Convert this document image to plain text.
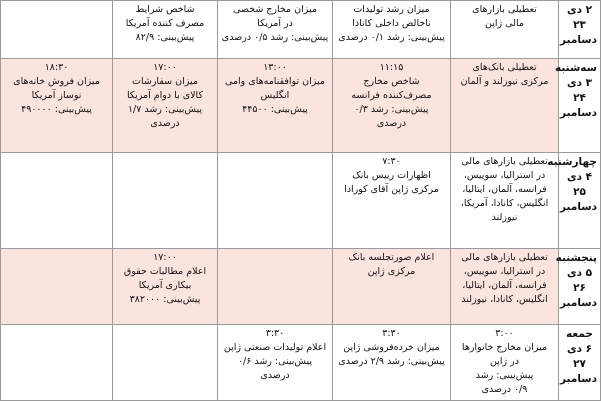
۲ دی
۲۳
دسامبر	تعطیلی بازارهای
مالی ژاپن	میزان رشد تولیدات
ناخالص داخلی کانادا
پیش‌بینی: رشد ۰/۱ درصدی	میزان مخارج شخصی
در آمریکا
پیش‌بینی: رشد ۰/۵ درصدی	شاخص شرایط
مصرف کننده آمریکا
پیش‌بینی: ۸۲/۹	

سه‌شنبه
۳ دی
۲۴
دسامبر	تعطیلی بانک‌های
مرکزی نیوزلند و آلمان	۱۱:۱۵
شاخص مخارج
مصرف‌کننده فرانسه
پیش‌بینی: رشد ۰/۳
درصدی	۱۳:۰۰
میزان توافقنامه‌های وامی
انگلیس
پیش‌بینی: ۴۴۵۰۰	۱۷:۰۰
میزان سفارشات
کالای با دوام آمریکا
پیش‌بینی: رشد ۱/۷
درصدی	۱۸:۳۰
میزان فروش خانه‌های
نوساز آمریکا
پیش‌بینی: ۴۹۰۰۰۰

چهارشنبه
۴ دی
۲۵
دسامبر	تعطیلی بازارهای مالی
در استرالیا، سوییس،
فرانسه، آلمان، ایتالیا،
انگلیس، کانادا، آمریکا،
نیوزلند	۷:۳۰
اظهارات رییس بانک
مرکزی ژاپن آقای کورادا			

پنجشنبه
۵ دی
۲۶
دسامبر	تعطیلی بازارهای مالی
در استرالیا، سوییس،
فرانسه، آلمان، ایتالیا،
انگلیس، کانادا، نیوزلند	اعلام صورتجلسه بانک
مرکزی ژاپن		۱۷:۰۰
اعلام مطالبات حقوق
بیکاری آمریکا
پیش‌بینی: ۳۸۲۰۰۰	

جمعه
۶ دی
۲۷
دسامبر	۳:۰۰
میزان مخارج خانوارها
در ژاپن
پیش‌بینی: رشد
۰/۹ درصدی	۳:۳۰
میزان خرده‌فروشی ژاپن
پیش‌بینی: رشد ۲/۹ درصدی	۳:۳۰
اعلام تولیدات صنعتی ژاپن
پیش‌بینی: رشد ۰/۶
درصدی		
